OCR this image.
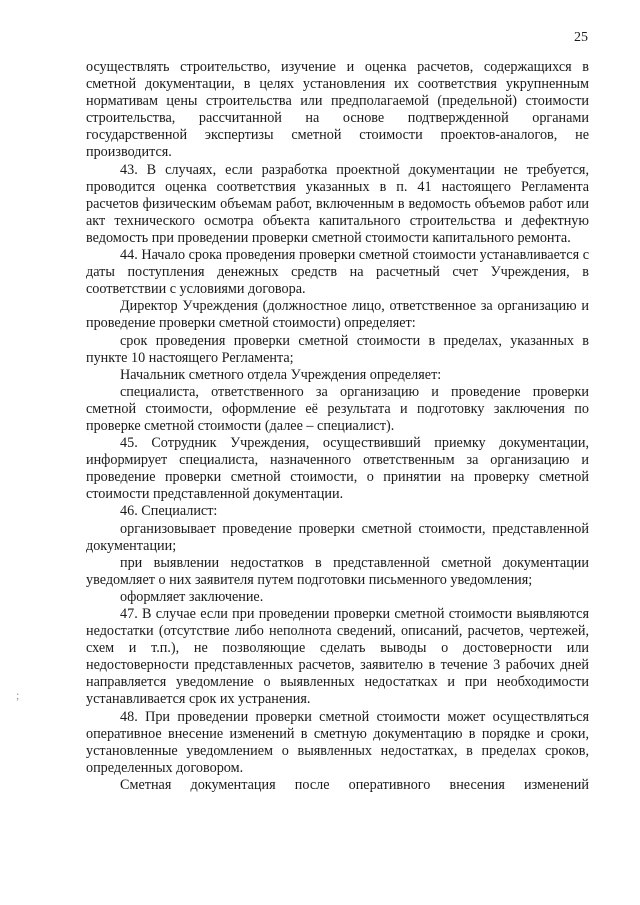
25
;

осуществлять строительство, изучение и оценка расчетов, содержащихся в сметной документации, в целях установления их соответствия укрупненным нормативам цены строительства или предполагаемой (предельной) стоимости строительства, рассчитанной на основе подтвержденной органами государственной экспертизы сметной стоимости проектов-аналогов, не производится.

43. В случаях, если разработка проектной документации не требуется, проводится оценка соответствия указанных в п. 41 настоящего Регламента расчетов физическим объемам работ, включенным в ведомость объемов работ или акт технического осмотра объекта капитального строительства и дефектную ведомость при проведении проверки сметной стоимости капитального ремонта.

44. Начало срока проведения проверки сметной стоимости устанавливается с даты поступления денежных средств на расчетный счет Учреждения, в соответствии с условиями договора.

Директор Учреждения (должностное лицо, ответственное за организацию и проведение проверки сметной стоимости) определяет:

срок проведения проверки сметной стоимости в пределах, указанных в пункте 10 настоящего Регламента;

Начальник сметного отдела Учреждения определяет:

специалиста, ответственного за организацию и проведение проверки сметной стоимости, оформление её результата и подготовку заключения по проверке сметной стоимости (далее – специалист).

45. Сотрудник Учреждения, осуществивший приемку документации, информирует специалиста, назначенного ответственным за организацию и проведение проверки сметной стоимости, о принятии на проверку сметной стоимости представленной документации.

46. Специалист:

организовывает проведение проверки сметной стоимости, представленной документации;

при выявлении недостатков в представленной сметной документации уведомляет о них заявителя путем подготовки письменного уведомления;

оформляет заключение.

47. В случае если при проведении проверки сметной стоимости выявляются недостатки (отсутствие либо неполнота сведений, описаний, расчетов, чертежей, схем и т.п.), не позволяющие сделать выводы о достоверности или недостоверности представленных расчетов, заявителю в течение 3 рабочих дней направляется уведомление о выявленных недостатках и при необходимости устанавливается срок их устранения.

48. При проведении проверки сметной стоимости может осуществляться оперативное внесение изменений в сметную документацию в порядке и сроки, установленные уведомлением о выявленных недостатках, в пределах сроков, определенных договором.

Сметная документация после оперативного внесения изменений
